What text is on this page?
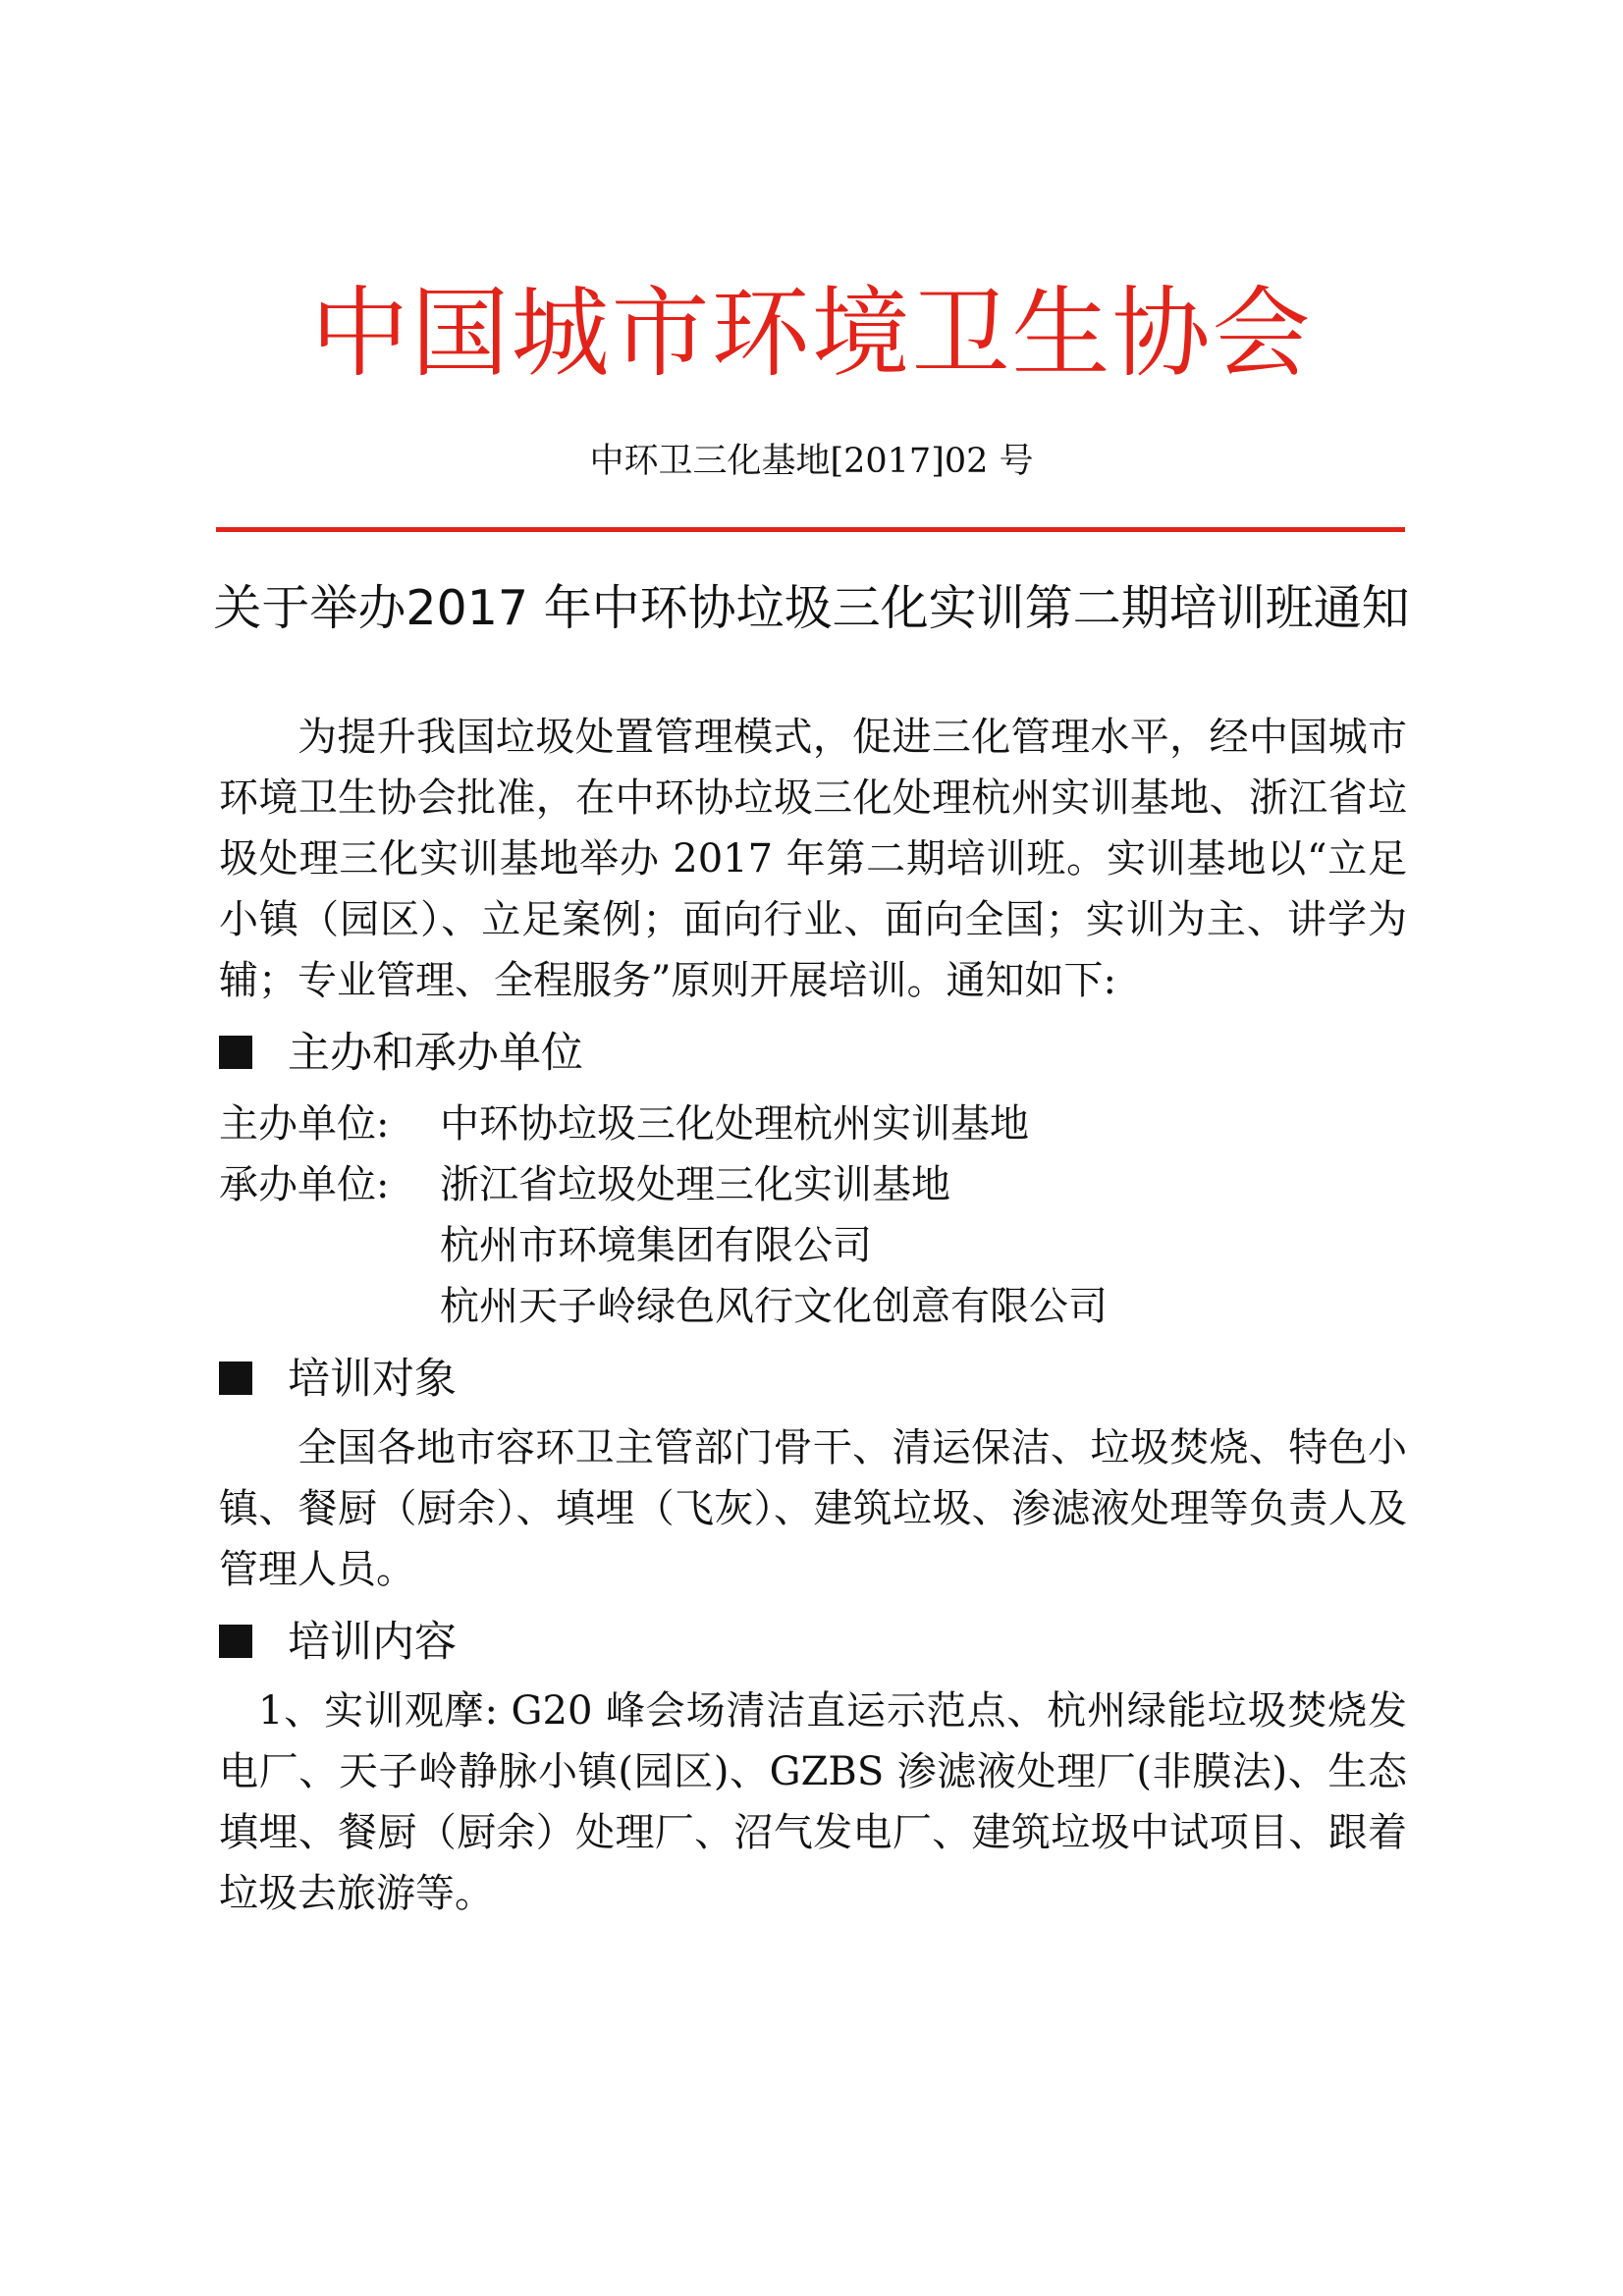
中国城市环境卫生协会
中环卫三化基地[2017]02 号
关于举办2017 年中环协垃圾三化实训第二期培训班通知

为提升我国垃圾处置管理模式，促进三化管理水平，经中国城市环境卫生协会批准，在中环协垃圾三化处理杭州实训基地、浙江省垃圾处理三化实训基地举办 2017 年第二期培训班。实训基地以“立足小镇（园区）、立足案例；面向行业、面向全国；实训为主、讲学为辅；专业管理、全程服务”原则开展培训。通知如下:

主办和承办单位
主办单位:	中环协垃圾三化处理杭州实训基地
承办单位:	浙江省垃圾处理三化实训基地
	杭州市环境集团有限公司
	杭州天子岭绿色风行文化创意有限公司
培训对象

全国各地市容环卫主管部门骨干、清运保洁、垃圾焚烧、特色小镇、餐厨（厨余）、填埋（飞灰）、建筑垃圾、渗滤液处理等负责人及管理人员。

培训内容

1、实训观摩: G20 峰会场清洁直运示范点、杭州绿能垃圾焚烧发电厂、天子岭静脉小镇(园区)、GZBS 渗滤液处理厂(非膜法)、生态填埋、餐厨（厨余）处理厂、沼气发电厂、建筑垃圾中试项目、跟着垃圾去旅游等。
